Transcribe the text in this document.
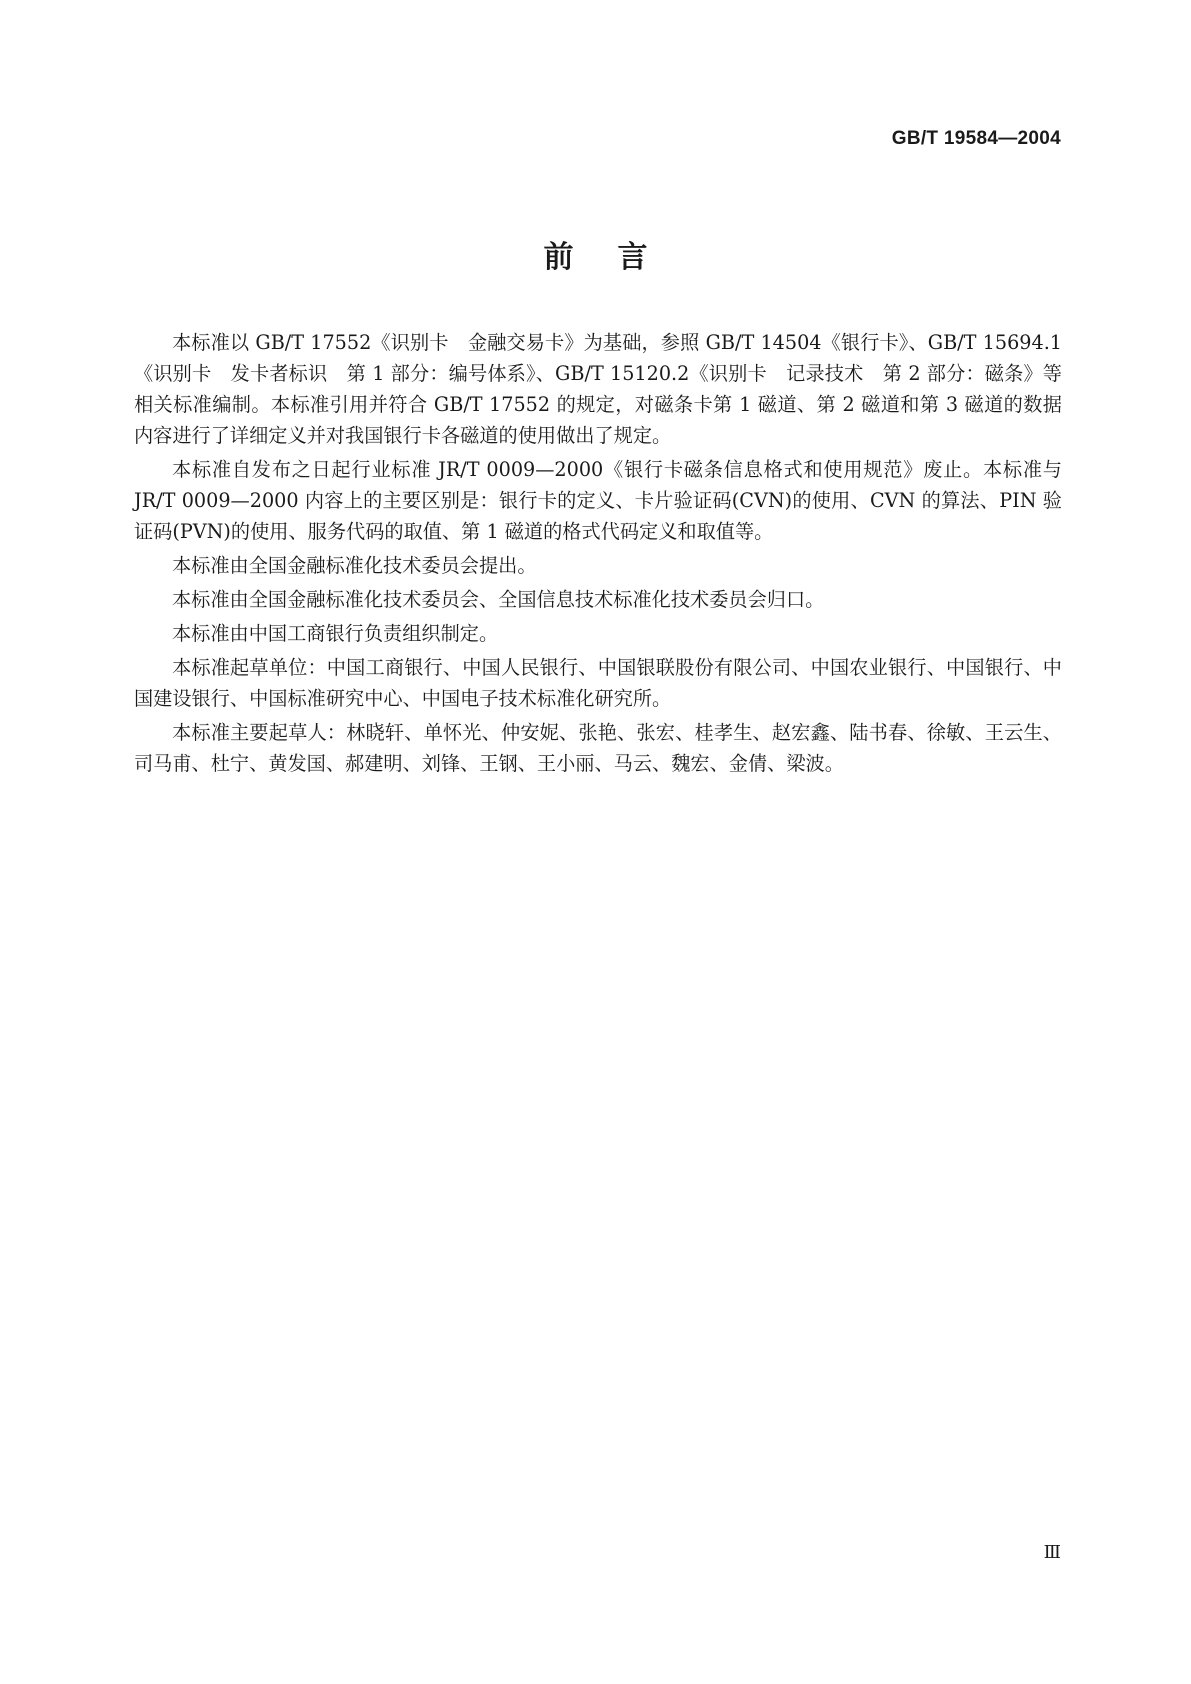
GB/T 19584—2004
前言

本标准以 GB/T 17552《识别卡　金融交易卡》为基础，参照 GB/T 14504《银行卡》、GB/T 15694.1《识别卡　发卡者标识　第 1 部分：编号体系》、GB/T 15120.2《识别卡　记录技术　第 2 部分：磁条》等相关标准编制。本标准引用并符合 GB/T 17552 的规定，对磁条卡第 1 磁道、第 2 磁道和第 3 磁道的数据内容进行了详细定义并对我国银行卡各磁道的使用做出了规定。

本标准自发布之日起行业标准 JR/T 0009—2000《银行卡磁条信息格式和使用规范》废止。本标准与 JR/T 0009—2000 内容上的主要区别是：银行卡的定义、卡片验证码(CVN)的使用、CVN 的算法、PIN 验证码(PVN)的使用、服务代码的取值、第 1 磁道的格式代码定义和取值等。

本标准由全国金融标准化技术委员会提出。

本标准由全国金融标准化技术委员会、全国信息技术标准化技术委员会归口。

本标准由中国工商银行负责组织制定。

本标准起草单位：中国工商银行、中国人民银行、中国银联股份有限公司、中国农业银行、中国银行、中国建设银行、中国标准研究中心、中国电子技术标准化研究所。

本标准主要起草人：林晓轩、单怀光、仲安妮、张艳、张宏、桂孝生、赵宏鑫、陆书春、徐敏、王云生、司马甫、杜宁、黄发国、郝建明、刘锋、王钢、王小丽、马云、魏宏、金倩、梁波。

Ⅲ
